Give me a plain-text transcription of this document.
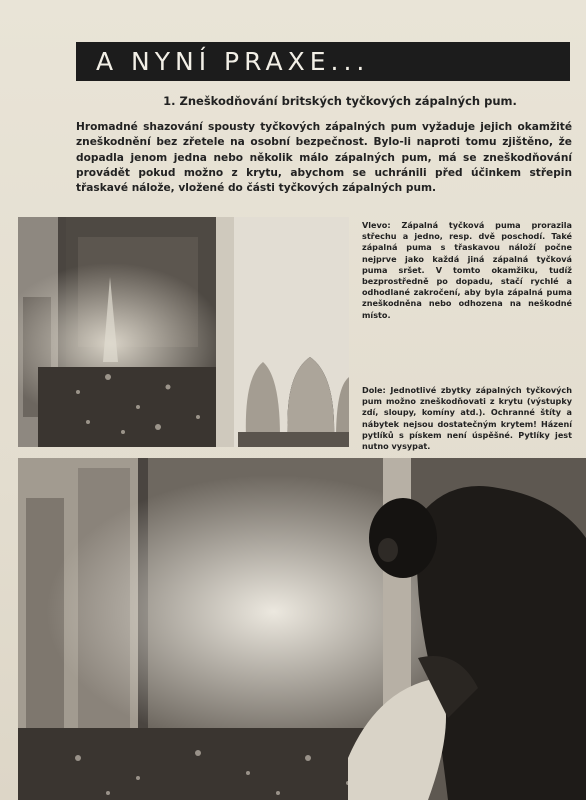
A NYNÍ PRAXE...
1. Zneškodňování britských tyčkových zápalných pum.

Hromadné shazování spousty tyčkových zápalných pum vyžaduje jejich okamžité zneškodnění bez zřetele na osobní bezpečnost. Bylo-li naproti tomu zjištěno, že dopadla jenom jedna nebo několik málo zápalných pum, má se zneškodňování provádět pokud možno z krytu, abychom se uchránili před účinkem střepin třaskavé nálože, vložené do části tyčkových zápalných pum.

Vlevo: Zápalná tyčková puma prorazila střechu a jedno, resp. dvě poschodí. Také zápalná puma s třaskavou náloží počne nejprve jako každá jiná zápalná tyčková puma sršet. V tomto okamžiku, tudíž bezprostředně po dopadu, stačí rychlé a odhodlané zakročení, aby byla zápalná puma zneškodněna nebo odhozena na neškodné místo.

Dole: Jednotlivé zbytky zápalných tyčkových pum možno zneškodňovati z krytu (výstupky zdí, sloupy, komíny atd.). Ochranné štíty a nábytek nejsou dostatečným krytem! Házení pytlíků s pískem není úspěšné. Pytlíky jest nutno vysypat.
